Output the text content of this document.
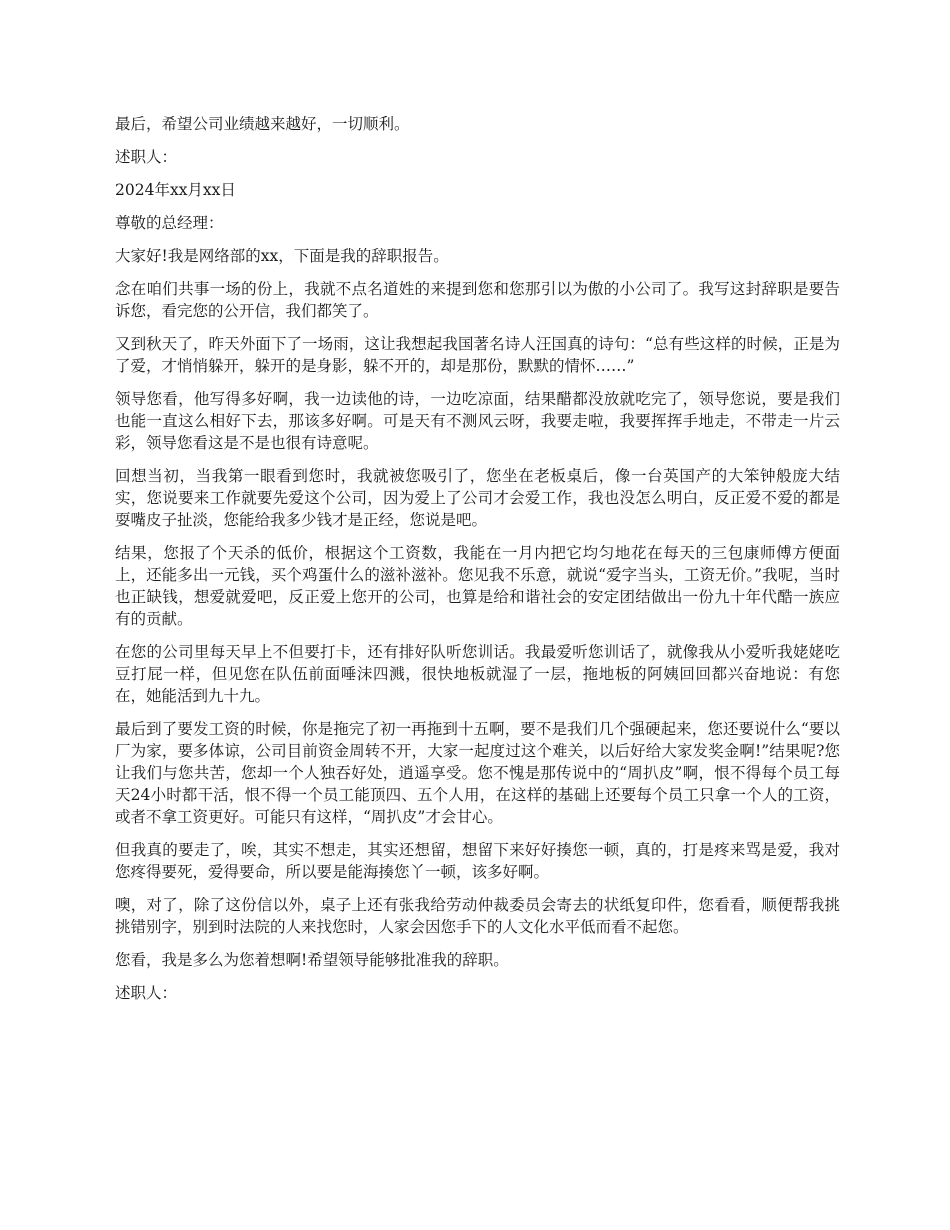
最后，希望公司业绩越来越好，一切顺利。

述职人：

2024年xx月xx日

尊敬的总经理：

大家好!我是网络部的xx，下面是我的辞职报告。

念在咱们共事一场的份上，我就不点名道姓的来提到您和您那引以为傲的小公司了。我写这封辞职是要告诉您，看完您的公开信，我们都笑了。

又到秋天了，昨天外面下了一场雨，这让我想起我国著名诗人汪国真的诗句：“总有些这样的时候，正是为了爱，才悄悄躲开，躲开的是身影，躲不开的，却是那份，默默的情怀……”

领导您看，他写得多好啊，我一边读他的诗，一边吃凉面，结果醋都没放就吃完了，领导您说，要是我们也能一直这么相好下去，那该多好啊。可是天有不测风云呀，我要走啦，我要挥挥手地走，不带走一片云彩，领导您看这是不是也很有诗意呢。

回想当初，当我第一眼看到您时，我就被您吸引了，您坐在老板桌后，像一台英国产的大笨钟般庞大结实，您说要来工作就要先爱这个公司，因为爱上了公司才会爱工作，我也没怎么明白，反正爱不爱的都是耍嘴皮子扯淡，您能给我多少钱才是正经，您说是吧。

结果，您报了个天杀的低价，根据这个工资数，我能在一月内把它均匀地花在每天的三包康师傅方便面上，还能多出一元钱，买个鸡蛋什么的滋补滋补。您见我不乐意，就说“爱字当头，工资无价。”我呢，当时也正缺钱，想爱就爱吧，反正爱上您开的公司，也算是给和谐社会的安定团结做出一份九十年代酷一族应有的贡献。

在您的公司里每天早上不但要打卡，还有排好队听您训话。我最爱听您训话了，就像我从小爱听我姥姥吃豆打屁一样，但见您在队伍前面唾沫四溅，很快地板就湿了一层，拖地板的阿姨回回都兴奋地说：有您在，她能活到九十九。

最后到了要发工资的时候，你是拖完了初一再拖到十五啊，要不是我们几个强硬起来，您还要说什么“要以厂为家，要多体谅，公司目前资金周转不开，大家一起度过这个难关，以后好给大家发奖金啊!”结果呢?您让我们与您共苦，您却一个人独吞好处，逍遥享受。您不愧是那传说中的“周扒皮”啊，恨不得每个员工每天24小时都干活，恨不得一个员工能顶四、五个人用，在这样的基础上还要每个员工只拿一个人的工资，或者不拿工资更好。可能只有这样，“周扒皮”才会甘心。

但我真的要走了，唉，其实不想走，其实还想留，想留下来好好揍您一顿，真的，打是疼来骂是爱，我对您疼得要死，爱得要命，所以要是能海揍您丫一顿，该多好啊。

噢，对了，除了这份信以外，桌子上还有张我给劳动仲裁委员会寄去的状纸复印件，您看看，顺便帮我挑挑错别字，别到时法院的人来找您时，人家会因您手下的人文化水平低而看不起您。

您看，我是多么为您着想啊!希望领导能够批准我的辞职。

述职人：
